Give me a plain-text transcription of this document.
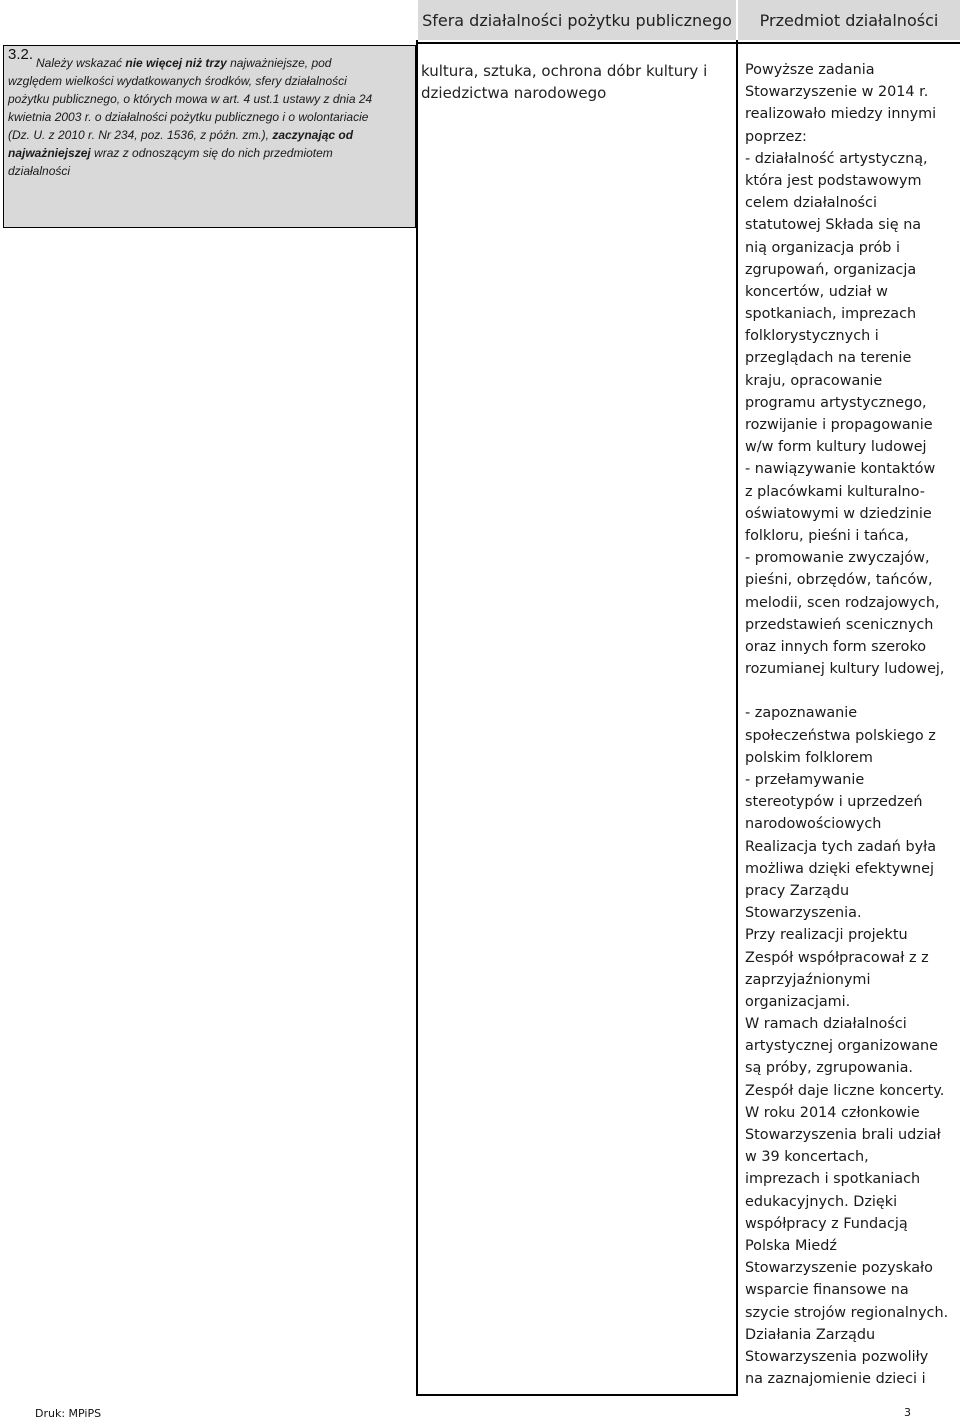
Sfera działalności pożytku publicznego Przedmiot działalności
Należy wskazać nie więcej niż trzy najważniejsze, pod
względem wielkości wydatkowanych środków, sfery działalności
pożytku publicznego, o których mowa w art. 4 ust.1 ustawy z dnia 24
kwietnia 2003 r. o działalności pożytku publicznego i o wolontariacie
(Dz. U. z 2010 r. Nr 234, poz. 1536, z późn. zm.), zaczynając od
najważniejszej wraz z odnoszącym się do nich przedmiotem
działalności
3.2.
kultura, sztuka, ochrona dóbr kultury i dziedzictwa narodowego
Powyższe zadania
Stowarzyszenie w 2014 r.
realizowało miedzy innymi
poprzez:
- działalność artystyczną,
która jest podstawowym
celem działalności
statutowej Składa się na
nią organizacja prób i
zgrupowań, organizacja
koncertów, udział w
spotkaniach, imprezach
folklorystycznych i
przeglądach na terenie
kraju, opracowanie
programu artystycznego,
rozwijanie i propagowanie
w/w form kultury ludowej
- nawiązywanie kontaktów
z placówkami kulturalno-
oświatowymi w dziedzinie
folkloru, pieśni i tańca,
- promowanie zwyczajów,
pieśni, obrzędów, tańców,
melodii, scen rodzajowych,
przedstawień scenicznych
oraz innych form szeroko
rozumianej kultury ludowej,
- zapoznawanie
społeczeństwa polskiego z
polskim folklorem
- przełamywanie
stereotypów i uprzedzeń
narodowościowych
Realizacja tych zadań była
możliwa dzięki efektywnej
pracy Zarządu
Stowarzyszenia.
Przy realizacji projektu
Zespół współpracował z z
zaprzyjaźnionymi
organizacjami.
W ramach działalności
artystycznej organizowane
są próby, zgrupowania.
Zespół daje liczne koncerty.
W roku 2014 członkowie
Stowarzyszenia brali udział
w 39 koncertach,
imprezach i spotkaniach
edukacyjnych. Dzięki
współpracy z Fundacją
Polska Miedź
Stowarzyszenie pozyskało
wsparcie finansowe na
szycie strojów regionalnych.
Działania Zarządu
Stowarzyszenia pozwoliły
na zaznajomienie dzieci i
Druk: MPiPS	3
